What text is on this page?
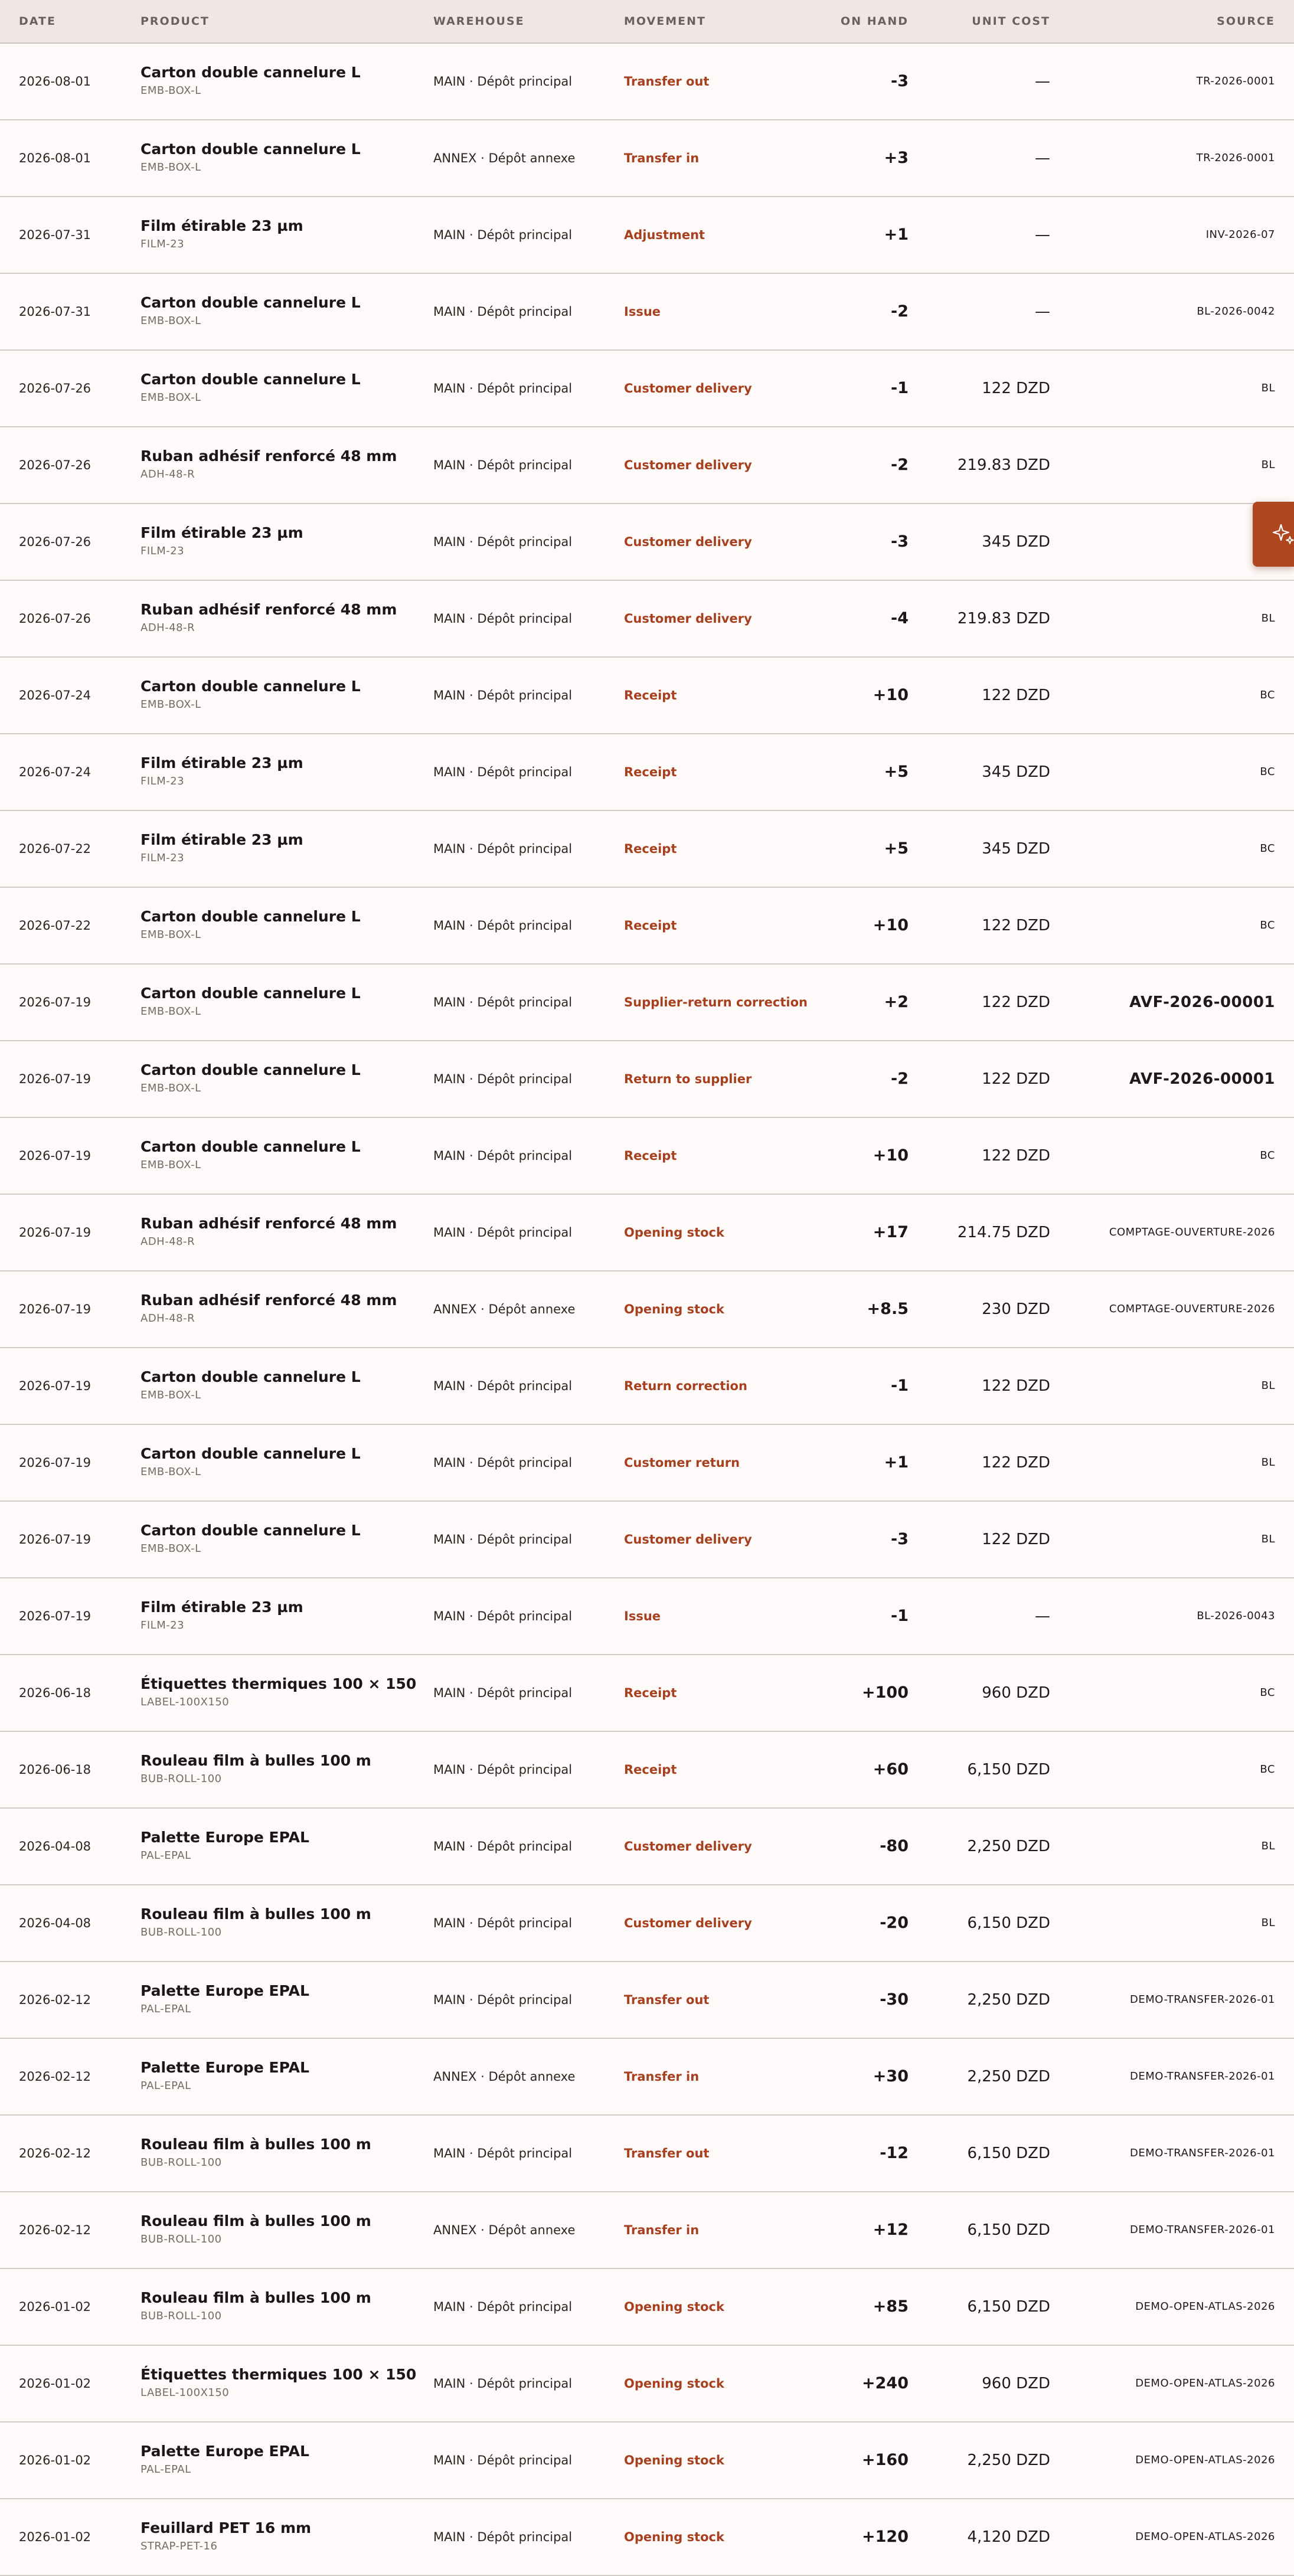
DATE	PRODUCT	WAREHOUSE	MOVEMENT	ON HAND	UNIT COST	SOURCE
2026-08-01
Carton double cannelure L
EMB-BOX-L
MAIN · Dépôt principal	Transfer out	-3	—	TR-2026-0001
2026-08-01
Carton double cannelure L
EMB-BOX-L
ANNEX · Dépôt annexe	Transfer in	+3	—	TR-2026-0001
2026-07-31
Film étirable 23 µm
FILM-23
MAIN · Dépôt principal	Adjustment	+1	—	INV-2026-07
2026-07-31
Carton double cannelure L
EMB-BOX-L
MAIN · Dépôt principal	Issue	-2	—	BL-2026-0042
2026-07-26
Carton double cannelure L
EMB-BOX-L
MAIN · Dépôt principal	Customer delivery	-1	122 DZD	BL
2026-07-26
Ruban adhésif renforcé 48 mm
ADH-48-R
MAIN · Dépôt principal	Customer delivery	-2	219.83 DZD	BL
2026-07-26
Film étirable 23 µm
FILM-23
MAIN · Dépôt principal	Customer delivery	-3	345 DZD
2026-07-26
Ruban adhésif renforcé 48 mm
ADH-48-R
MAIN · Dépôt principal	Customer delivery	-4	219.83 DZD	BL
2026-07-24
Carton double cannelure L
EMB-BOX-L
MAIN · Dépôt principal	Receipt	+10	122 DZD	BC
2026-07-24
Film étirable 23 µm
FILM-23
MAIN · Dépôt principal	Receipt	+5	345 DZD	BC
2026-07-22
Film étirable 23 µm
FILM-23
MAIN · Dépôt principal	Receipt	+5	345 DZD	BC
2026-07-22
Carton double cannelure L
EMB-BOX-L
MAIN · Dépôt principal	Receipt	+10	122 DZD	BC
2026-07-19
Carton double cannelure L
EMB-BOX-L
MAIN · Dépôt principal	Supplier-return correction	+2	122 DZD	AVF-2026-00001
2026-07-19
Carton double cannelure L
EMB-BOX-L
MAIN · Dépôt principal	Return to supplier	-2	122 DZD	AVF-2026-00001
2026-07-19
Carton double cannelure L
EMB-BOX-L
MAIN · Dépôt principal	Receipt	+10	122 DZD	BC
2026-07-19
Ruban adhésif renforcé 48 mm
ADH-48-R
MAIN · Dépôt principal	Opening stock	+17	214.75 DZD	COMPTAGE-OUVERTURE-2026
2026-07-19
Ruban adhésif renforcé 48 mm
ADH-48-R
ANNEX · Dépôt annexe	Opening stock	+8.5	230 DZD	COMPTAGE-OUVERTURE-2026
2026-07-19
Carton double cannelure L
EMB-BOX-L
MAIN · Dépôt principal	Return correction	-1	122 DZD	BL
2026-07-19
Carton double cannelure L
EMB-BOX-L
MAIN · Dépôt principal	Customer return	+1	122 DZD	BL
2026-07-19
Carton double cannelure L
EMB-BOX-L
MAIN · Dépôt principal	Customer delivery	-3	122 DZD	BL
2026-07-19
Film étirable 23 µm
FILM-23
MAIN · Dépôt principal	Issue	-1	—	BL-2026-0043
2026-06-18
Étiquettes thermiques 100 × 150
LABEL-100X150
MAIN · Dépôt principal	Receipt	+100	960 DZD	BC
2026-06-18
Rouleau film à bulles 100 m
BUB-ROLL-100
MAIN · Dépôt principal	Receipt	+60	6,150 DZD	BC
2026-04-08
Palette Europe EPAL
PAL-EPAL
MAIN · Dépôt principal	Customer delivery	-80	2,250 DZD	BL
2026-04-08
Rouleau film à bulles 100 m
BUB-ROLL-100
MAIN · Dépôt principal	Customer delivery	-20	6,150 DZD	BL
2026-02-12
Palette Europe EPAL
PAL-EPAL
MAIN · Dépôt principal	Transfer out	-30	2,250 DZD	DEMO-TRANSFER-2026-01
2026-02-12
Palette Europe EPAL
PAL-EPAL
ANNEX · Dépôt annexe	Transfer in	+30	2,250 DZD	DEMO-TRANSFER-2026-01
2026-02-12
Rouleau film à bulles 100 m
BUB-ROLL-100
MAIN · Dépôt principal	Transfer out	-12	6,150 DZD	DEMO-TRANSFER-2026-01
2026-02-12
Rouleau film à bulles 100 m
BUB-ROLL-100
ANNEX · Dépôt annexe	Transfer in	+12	6,150 DZD	DEMO-TRANSFER-2026-01
2026-01-02
Rouleau film à bulles 100 m
BUB-ROLL-100
MAIN · Dépôt principal	Opening stock	+85	6,150 DZD	DEMO-OPEN-ATLAS-2026
2026-01-02
Étiquettes thermiques 100 × 150
LABEL-100X150
MAIN · Dépôt principal	Opening stock	+240	960 DZD	DEMO-OPEN-ATLAS-2026
2026-01-02
Palette Europe EPAL
PAL-EPAL
MAIN · Dépôt principal	Opening stock	+160	2,250 DZD	DEMO-OPEN-ATLAS-2026
2026-01-02
Feuillard PET 16 mm
STRAP-PET-16
MAIN · Dépôt principal	Opening stock	+120	4,120 DZD	DEMO-OPEN-ATLAS-2026
